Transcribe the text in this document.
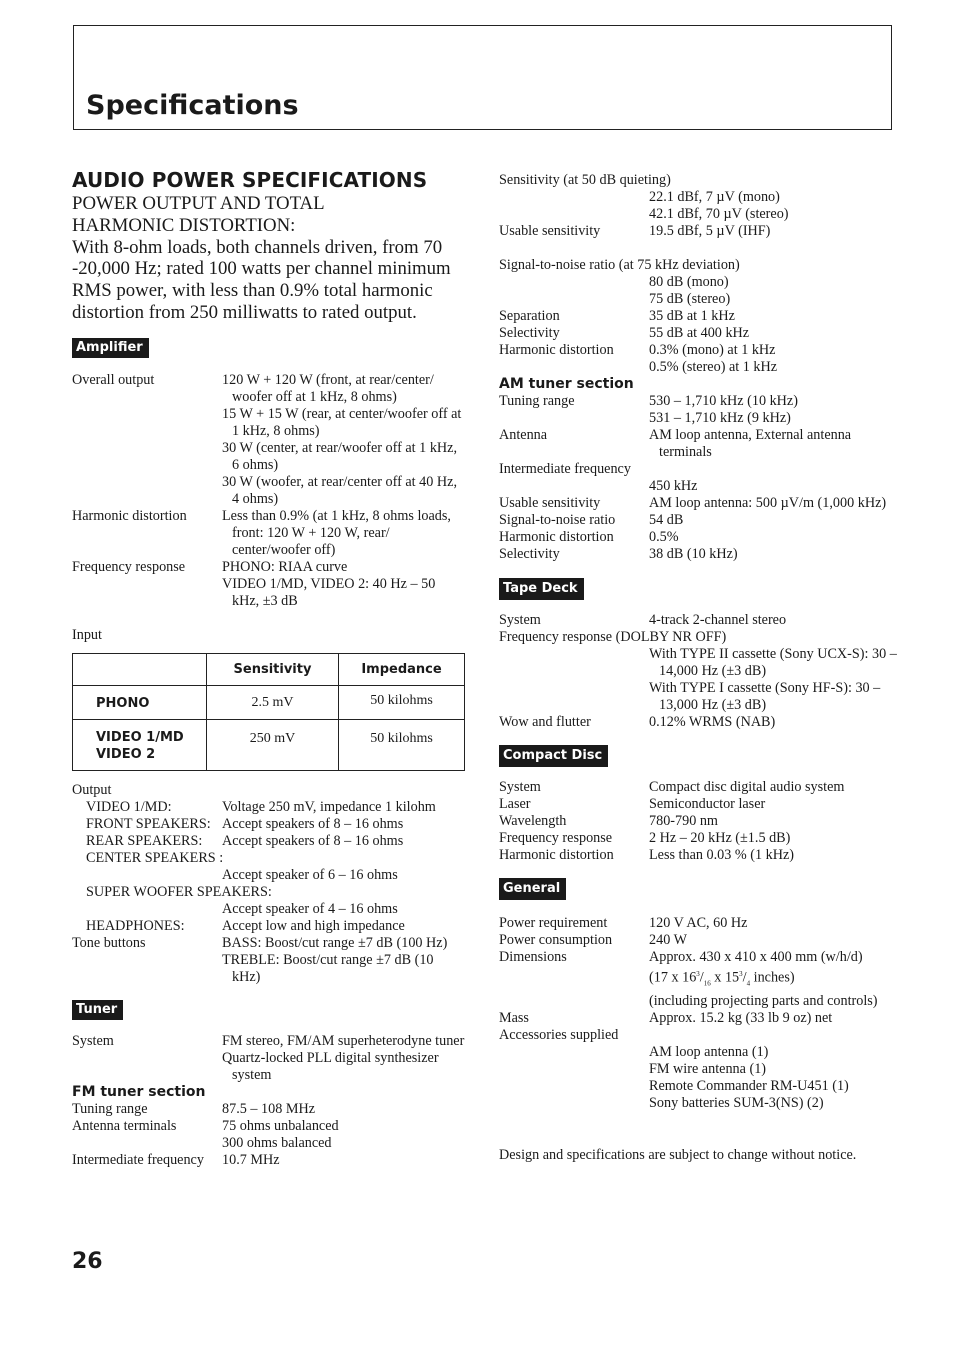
Specifications
AUDIO POWER SPECIFICATIONS
POWER OUTPUT AND TOTAL
HARMONIC DISTORTION:
With 8-ohm loads, both channels driven, from 70 -20,000 Hz; rated 100 watts per channel minimum RMS power, with less than 0.9% total harmonic distortion from 250 milliwatts to rated output.
Amplifier
Overall output	120 W + 120 W (front, at rear/center/ woofer off at 1 kHz, 8 ohms)
15 W + 15 W (rear, at center/woofer off at 1 kHz, 8 ohms)
30 W (center, at rear/woofer off at 1 kHz, 6 ohms)
30 W (woofer, at rear/center off at 40 Hz, 4 ohms)
Harmonic distortion	Less than 0.9% (at 1 kHz, 8 ohms loads, front: 120 W + 120 W, rear/ center/woofer off)
Frequency response	PHONO: RIAA curve
VIDEO 1/MD, VIDEO 2: 40 Hz – 50 kHz, ±3 dB
Input
	Sensitivity	Impedance
PHONO	2.5 mV	50 kilohms
VIDEO 1/MD
VIDEO 2	250 mV	50 kilohms
Output
VIDEO 1/MD:	Voltage 250 mV, impedance 1 kilohm
FRONT SPEAKERS: Accept speakers of 8 – 16 ohms
REAR SPEAKERS:	Accept speakers of 8 – 16 ohms
CENTER SPEAKERS :
Accept speaker of 6 – 16 ohms
SUPER WOOFER SPEAKERS:
Accept speaker of 4 – 16 ohms
HEADPHONES:	Accept low and high impedance
Tone buttons	BASS: Boost/cut range ±7 dB (100 Hz)
TREBLE: Boost/cut range ±7 dB (10 kHz)
Tuner
System	FM stereo, FM/AM superheterodyne tuner
Quartz-locked PLL digital synthesizer system
FM tuner section
Tuning range	87.5 – 108 MHz
Antenna terminals	75 ohms unbalanced
300 ohms balanced
Intermediate frequency	10.7 MHz
Sensitivity (at 50 dB quieting)
22.1 dBf, 7 µV (mono)
42.1 dBf, 70 µV (stereo)
Usable sensitivity	19.5 dBf, 5 µV (IHF)
Signal-to-noise ratio (at 75 kHz deviation)
80 dB (mono)
75 dB (stereo)
Separation	35 dB at 1 kHz
Selectivity	55 dB at 400 kHz
Harmonic distortion	0.3% (mono) at 1 kHz
0.5% (stereo) at 1 kHz
AM tuner section
Tuning range	530 – 1,710 kHz (10 kHz)
531 – 1,710 kHz (9 kHz)
Antenna	AM loop antenna, External antenna terminals
Intermediate frequency
450 kHz
Usable sensitivity	AM loop antenna: 500 µV/m (1,000 kHz)
Signal-to-noise ratio	54 dB
Harmonic distortion	0.5%
Selectivity	38 dB (10 kHz)
Tape Deck
System	4-track 2-channel stereo
Frequency response (DOLBY NR OFF)
With TYPE II cassette (Sony UCX-S): 30 – 14,000 Hz (±3 dB)
With TYPE I cassette (Sony HF-S): 30 – 13,000 Hz (±3 dB)
Wow and flutter	0.12% WRMS (NAB)
Compact Disc
System	Compact disc digital audio system
Laser	Semiconductor laser
Wavelength	780-790 nm
Frequency response	2 Hz – 20 kHz (±1.5 dB)
Harmonic distortion	Less than 0.03 % (1 kHz)
General
Power requirement	120 V AC, 60 Hz
Power consumption	240 W
Dimensions	Approx. 430 x 410 x 400 mm (w/h/d)
(17 x $16^3/_{16}$ x $15^3/_4$ inches)
(including projecting parts and controls)
Mass	Approx. 15.2 kg (33 lb 9 oz) net
Accessories supplied
AM loop antenna (1)
FM wire antenna (1)
Remote Commander RM-U451 (1)
Sony batteries SUM-3(NS) (2)
Design and specifications are subject to change without notice.
26
